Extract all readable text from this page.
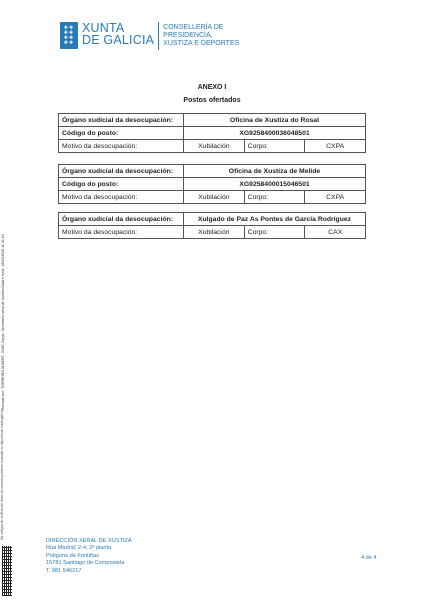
✚✚
✚✚
✚✚
✚✚
XUNTA
DE GALICIA
CONSELLERÍA DE
PRESIDENCIA,
XUSTIZA E DEPORTES
ANEXO I
Postos ofertados
Órgano xudicial da desocupación:	Oficina de Xustiza do Rosal		
Código do posto:	XG9258400036048501		
Motivo da desocupación:	Xubilación	Corpo:	CXPA
Órgano xudicial da desocupación:	Oficina de Xustiza de Melide		
Código do posto:	XG9258400015046501		
Motivo da desocupación:	Xubilación	Corpo:	CXPA
Órgano xudicial da desocupación:	Xulgado de Paz As Pontes de García Rodríguez		
Motivo da desocupación:	Xubilación	Corpo:	CAX
Asinado por: TORREIRO ALBERT, JOSE Cargo: Secretario xeral de Xustiza Data e hora: 18/03/2026 11:31:54
Os códigos de verificación deste documento pódense consultar en https://sede.xunta.gal/cve
DIRECCIÓN XERAL DE XUSTIZA
Rúa Madrid, 2-4, 2ª planta
Polígono de Fontiñas
15781 Santiago de Compostela
T. 981 546217
4 de 4
